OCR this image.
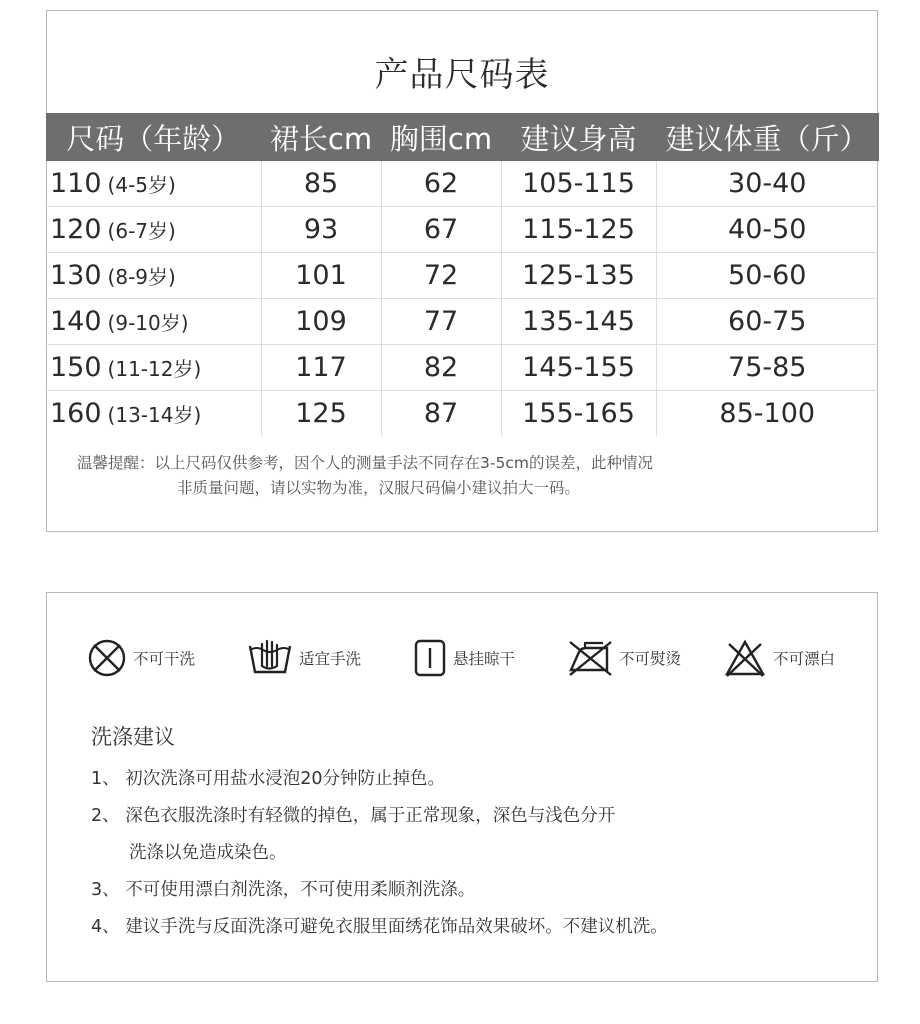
产品尺码表
尺码（年龄）	裙长cm	胸围cm	建议身高	建议体重（斤）
110 (4-5岁)	85	62	105-115	30-40
120 (6-7岁)	93	67	115-125	40-50
130 (8-9岁)	101	72	125-135	50-60
140 (9-10岁)	109	77	135-145	60-75
150 (11-12岁)	117	82	145-155	75-85
160 (13-14岁)	125	87	155-165	85-100
温馨提醒：以上尺码仅供参考，因个人的测量手法不同存在3-5cm的误差，此种情况
非质量问题，请以实物为准，汉服尺码偏小建议拍大一码。
不可干洗	适宜手洗	悬挂晾干	不可熨烫	不可漂白
洗涤建议
1、 初次洗涤可用盐水浸泡20分钟防止掉色。
2、 深色衣服洗涤时有轻微的掉色，属于正常现象，深色与浅色分开
洗涤以免造成染色。
3、 不可使用漂白剂洗涤，不可使用柔顺剂洗涤。
4、 建议手洗与反面洗涤可避免衣服里面绣花饰品效果破坏。不建议机洗。
